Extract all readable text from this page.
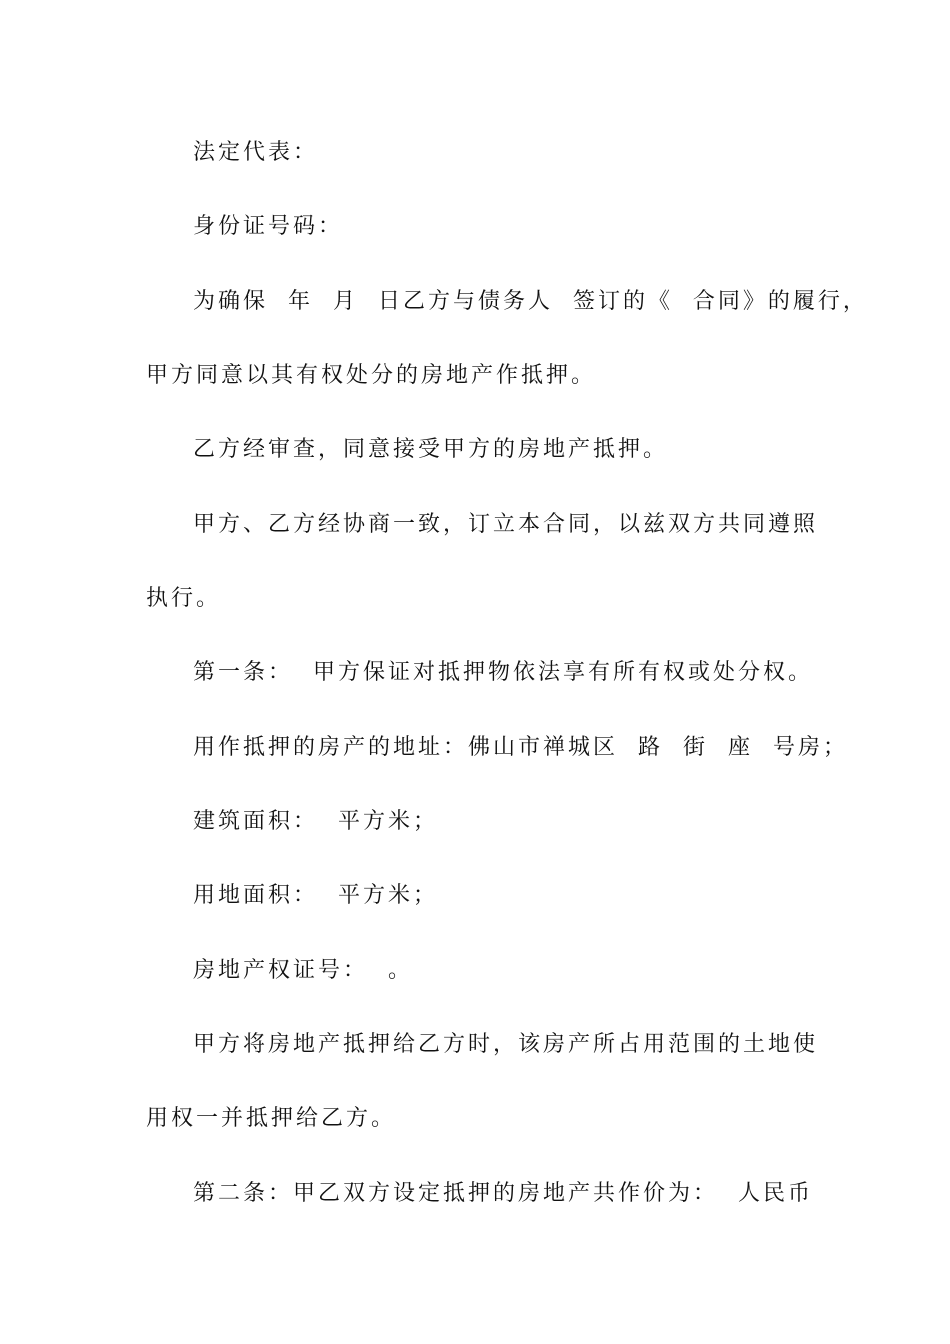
法定代表：
身份证号码：
为确保  年  月  日乙方与债务人  签订的《  合同》的履行，
甲方同意以其有权处分的房地产作抵押。
乙方经审查，同意接受甲方的房地产抵押。
甲方、乙方经协商一致，订立本合同，以兹双方共同遵照
执行。
第一条：  甲方保证对抵押物依法享有所有权或处分权。
用作抵押的房产的地址：佛山市禅城区  路  街  座  号房；
建筑面积：  平方米；
用地面积：  平方米；
房地产权证号：  。
甲方将房地产抵押给乙方时，该房产所占用范围的土地使
用权一并抵押给乙方。
第二条：甲乙双方设定抵押的房地产共作价为：  人民币
